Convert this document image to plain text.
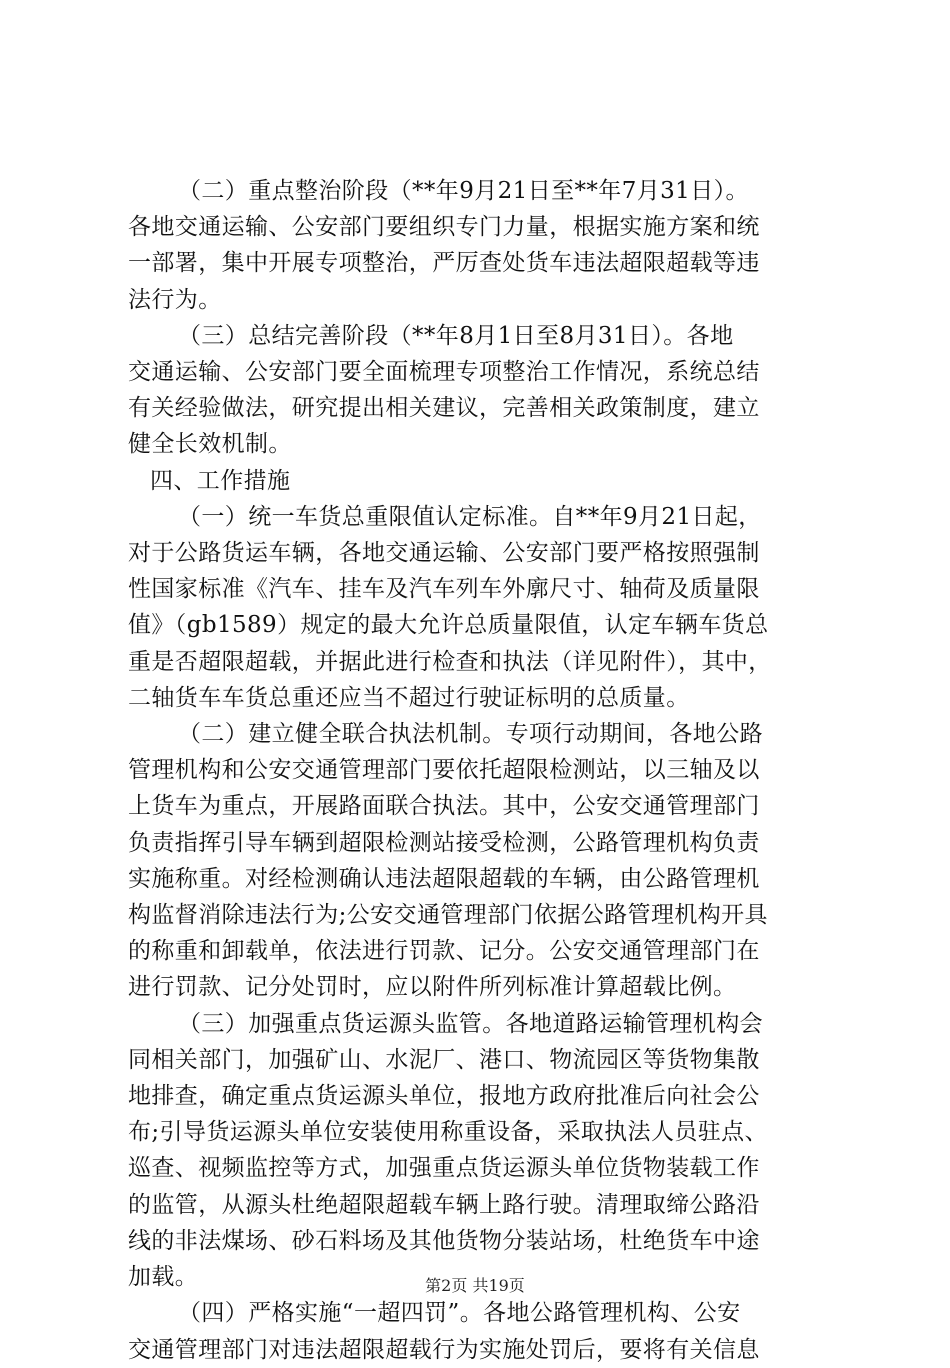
（二）重点整治阶段（**年9月21日至**年7月31日）。
各地交通运输、公安部门要组织专门力量，根据实施方案和统
一部署，集中开展专项整治，严厉查处货车违法超限超载等违
法行为。

（三）总结完善阶段（**年8月1日至8月31日）。各地
交通运输、公安部门要全面梳理专项整治工作情况，系统总结
有关经验做法，研究提出相关建议，完善相关政策制度，建立
健全长效机制。

四、工作措施

（一）统一车货总重限值认定标准。自**年9月21日起，
对于公路货运车辆，各地交通运输、公安部门要严格按照强制
性国家标准《汽车、挂车及汽车列车外廓尺寸、轴荷及质量限
值》（gb1589）规定的最大允许总质量限值，认定车辆车货总
重是否超限超载，并据此进行检查和执法（详见附件），其中，
二轴货车车货总重还应当不超过行驶证标明的总质量。

（二）建立健全联合执法机制。专项行动期间，各地公路
管理机构和公安交通管理部门要依托超限检测站，以三轴及以
上货车为重点，开展路面联合执法。其中，公安交通管理部门
负责指挥引导车辆到超限检测站接受检测，公路管理机构负责
实施称重。对经检测确认违法超限超载的车辆，由公路管理机
构监督消除违法行为;公安交通管理部门依据公路管理机构开具
的称重和卸载单，依法进行罚款、记分。公安交通管理部门在
进行罚款、记分处罚时，应以附件所列标准计算超载比例。

（三）加强重点货运源头监管。各地道路运输管理机构会
同相关部门，加强矿山、水泥厂、港口、物流园区等货物集散
地排查，确定重点货运源头单位，报地方政府批准后向社会公
布;引导货运源头单位安装使用称重设备，采取执法人员驻点、
巡查、视频监控等方式，加强重点货运源头单位货物装载工作
的监管，从源头杜绝超限超载车辆上路行驶。清理取缔公路沿
线的非法煤场、砂石料场及其他货物分装站场，杜绝货车中途
加载。

（四）严格实施“一超四罚”。各地公路管理机构、公安
交通管理部门对违法超限超载行为实施处罚后，要将有关信息

第2页 共19页
